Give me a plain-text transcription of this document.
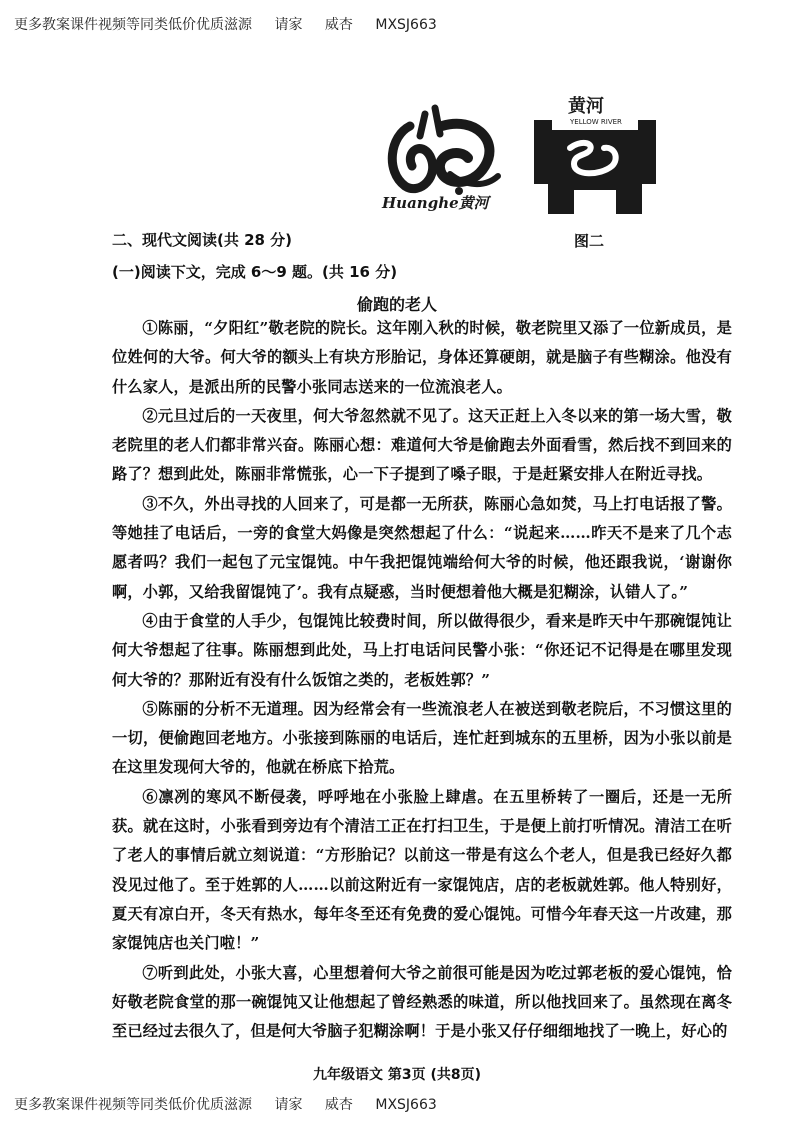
更多教案课件视频等同类低价优质滋源 请家 威杏 MXSJ663
Huanghe黄河
黄河
YELLOW RIVER
图二
二、现代文阅读(共 28 分)
(一)阅读下文，完成 6～9 题。(共 16 分)
偷跑的老人

①陈丽，“夕阳红”敬老院的院长。这年刚入秋的时候，敬老院里又添了一位新成员，是位姓何的大爷。何大爷的额头上有块方形胎记，身体还算硬朗，就是脑子有些糊涂。他没有什么家人，是派出所的民警小张同志送来的一位流浪老人。

②元旦过后的一天夜里，何大爷忽然就不见了。这天正赶上入冬以来的第一场大雪，敬老院里的老人们都非常兴奋。陈丽心想：难道何大爷是偷跑去外面看雪，然后找不到回来的路了？想到此处，陈丽非常慌张，心一下子提到了嗓子眼，于是赶紧安排人在附近寻找。

③不久，外出寻找的人回来了，可是都一无所获，陈丽心急如焚，马上打电话报了警。等她挂了电话后，一旁的食堂大妈像是突然想起了什么：“说起来……昨天不是来了几个志愿者吗？我们一起包了元宝馄饨。中午我把馄饨端给何大爷的时候，他还跟我说，‘谢谢你啊，小郭，又给我留馄饨了’。我有点疑惑，当时便想着他大概是犯糊涂，认错人了。”

④由于食堂的人手少，包馄饨比较费时间，所以做得很少，看来是昨天中午那碗馄饨让何大爷想起了往事。陈丽想到此处，马上打电话问民警小张：“你还记不记得是在哪里发现何大爷的？那附近有没有什么饭馆之类的，老板姓郭？”

⑤陈丽的分析不无道理。因为经常会有一些流浪老人在被送到敬老院后，不习惯这里的一切，便偷跑回老地方。小张接到陈丽的电话后，连忙赶到城东的五里桥，因为小张以前是在这里发现何大爷的，他就在桥底下拾荒。

⑥凛冽的寒风不断侵袭，呼呼地在小张脸上肆虐。在五里桥转了一圈后，还是一无所获。就在这时，小张看到旁边有个清洁工正在打扫卫生，于是便上前打听情况。清洁工在听了老人的事情后就立刻说道：“方形胎记？以前这一带是有这么个老人，但是我已经好久都没见过他了。至于姓郭的人……以前这附近有一家馄饨店，店的老板就姓郭。他人特别好，夏天有凉白开，冬天有热水，每年冬至还有免费的爱心馄饨。可惜今年春天这一片改建，那家馄饨店也关门啦！”

⑦听到此处，小张大喜，心里想着何大爷之前很可能是因为吃过郭老板的爱心馄饨，恰好敬老院食堂的那一碗馄饨又让他想起了曾经熟悉的味道，所以他找回来了。虽然现在离冬至已经过去很久了，但是何大爷脑子犯糊涂啊！于是小张又仔仔细细地找了一晚上，好心的

九年级语文 第3页 (共8页)
更多教案课件视频等同类低价优质滋源 请家 威杏 MXSJ663
